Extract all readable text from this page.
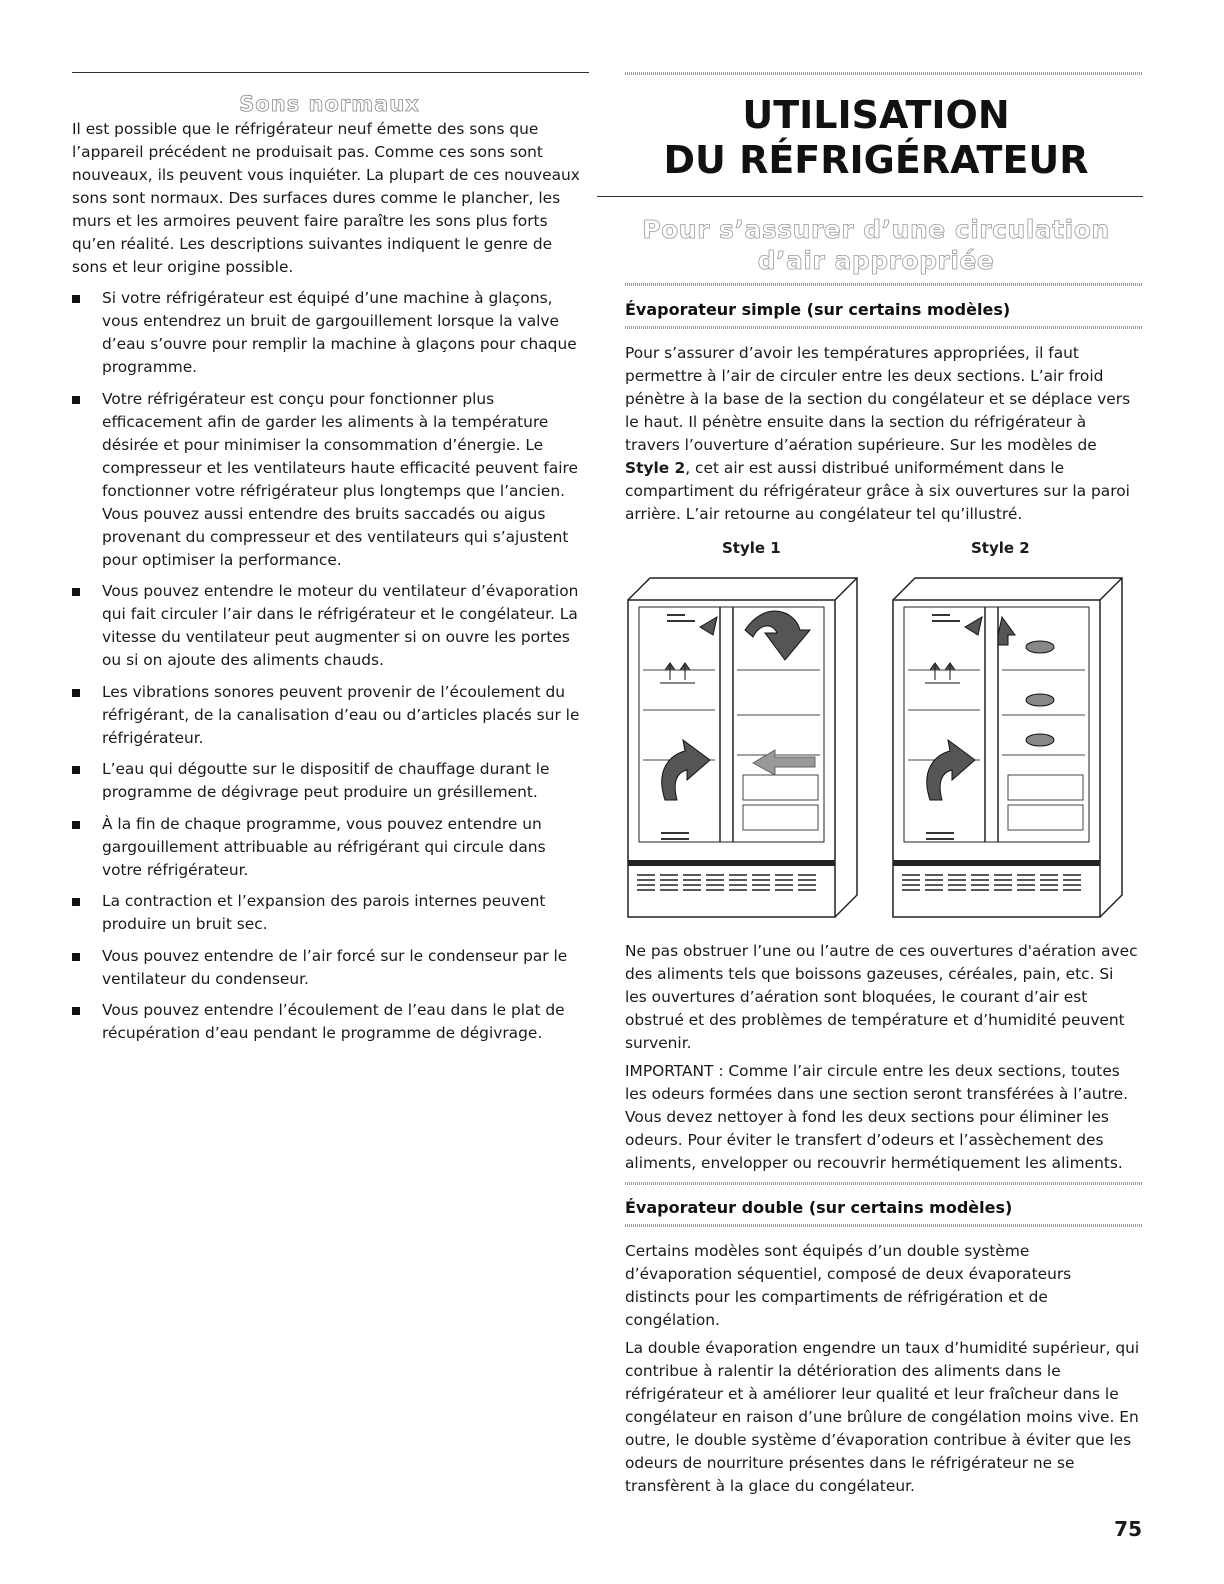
Sons normaux

Il est possible que le réfrigérateur neuf émette des sons que l’appareil précédent ne produisait pas. Comme ces sons sont nouveaux, ils peuvent vous inquiéter. La plupart de ces nouveaux sons sont normaux. Des surfaces dures comme le plancher, les murs et les armoires peuvent faire paraître les sons plus forts qu’en réalité. Les descriptions suivantes indiquent le genre de sons et leur origine possible.

Si votre réfrigérateur est équipé d’une machine à glaçons, vous entendrez un bruit de gargouillement lorsque la valve d’eau s’ouvre pour remplir la machine à glaçons pour chaque programme.
Votre réfrigérateur est conçu pour fonctionner plus efficacement afin de garder les aliments à la température désirée et pour minimiser la consommation d’énergie. Le compresseur et les ventilateurs haute efficacité peuvent faire fonctionner votre réfrigérateur plus longtemps que l’ancien. Vous pouvez aussi entendre des bruits saccadés ou aigus provenant du compresseur et des ventilateurs qui s’ajustent pour optimiser la performance.
Vous pouvez entendre le moteur du ventilateur d’évaporation qui fait circuler l’air dans le réfrigérateur et le congélateur. La vitesse du ventilateur peut augmenter si on ouvre les portes ou si on ajoute des aliments chauds.
Les vibrations sonores peuvent provenir de l’écoulement du réfrigérant, de la canalisation d’eau ou d’articles placés sur le réfrigérateur.
L’eau qui dégoutte sur le dispositif de chauffage durant le programme de dégivrage peut produire un grésillement.
À la fin de chaque programme, vous pouvez entendre un gargouillement attribuable au réfrigérant qui circule dans votre réfrigérateur.
La contraction et l’expansion des parois internes peuvent produire un bruit sec.
Vous pouvez entendre de l’air forcé sur le condenseur par le ventilateur du condenseur.
Vous pouvez entendre l’écoulement de l’eau dans le plat de récupération d’eau pendant le programme de dégivrage.
UTILISATION
DU RÉFRIGÉRATEUR
Pour s’assurer d’une circulation
d’air appropriée
Évaporateur simple (sur certains modèles)

Pour s’assurer d’avoir les températures appropriées, il faut permettre à l’air de circuler entre les deux sections. L’air froid pénètre à la base de la section du congélateur et se déplace vers le haut. Il pénètre ensuite dans la section du réfrigérateur à travers l’ouverture d’aération supérieure. Sur les modèles de Style 2, cet air est aussi distribué uniformément dans le compartiment du réfrigérateur grâce à six ouvertures sur la paroi arrière. L’air retourne au congélateur tel qu’illustré.

Style 1	Style 2

Ne pas obstruer l’une ou l’autre de ces ouvertures d'aération avec des aliments tels que boissons gazeuses, céréales, pain, etc. Si les ouvertures d’aération sont bloquées, le courant d’air est obstrué et des problèmes de température et d’humidité peuvent survenir.

IMPORTANT : Comme l’air circule entre les deux sections, toutes les odeurs formées dans une section seront transférées à l’autre. Vous devez nettoyer à fond les deux sections pour éliminer les odeurs. Pour éviter le transfert d’odeurs et l’assèchement des aliments, envelopper ou recouvrir hermétiquement les aliments.

Évaporateur double (sur certains modèles)

Certains modèles sont équipés d’un double système d’évaporation séquentiel, composé de deux évaporateurs distincts pour les compartiments de réfrigération et de congélation.

La double évaporation engendre un taux d’humidité supérieur, qui contribue à ralentir la détérioration des aliments dans le réfrigérateur et à améliorer leur qualité et leur fraîcheur dans le congélateur en raison d’une brûlure de congélation moins vive. En outre, le double système d’évaporation contribue à éviter que les odeurs de nourriture présentes dans le réfrigérateur ne se transfèrent à la glace du congélateur.

75
